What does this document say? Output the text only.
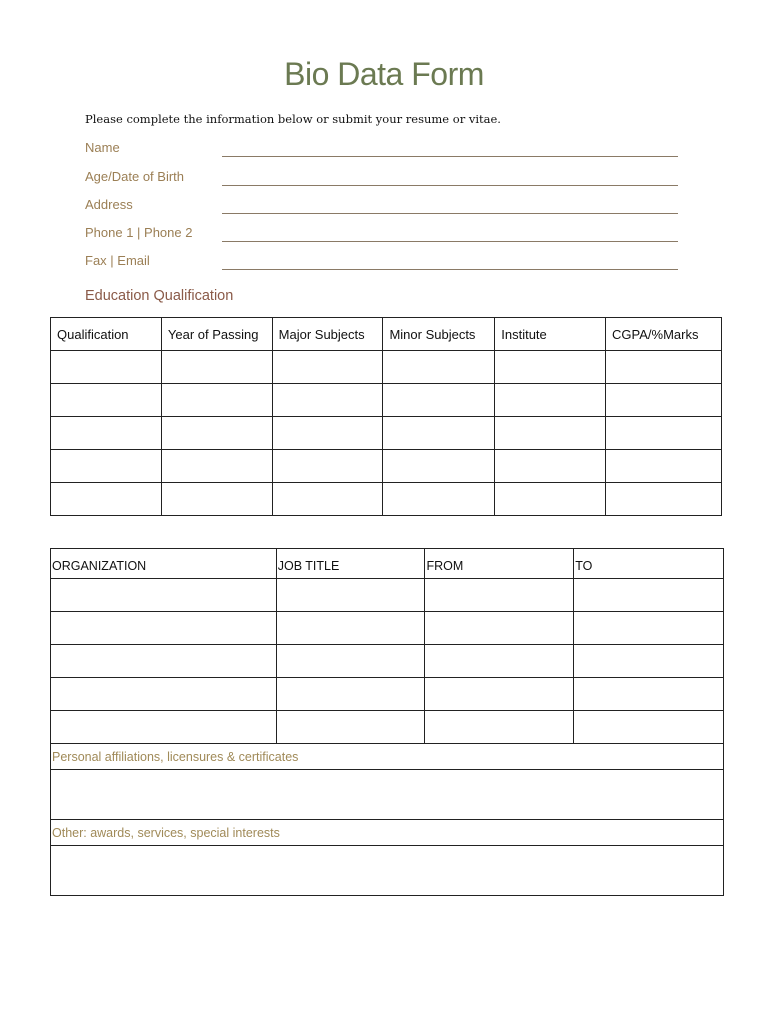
Bio Data Form
Please complete the information below or submit your resume or vitae.
Name
Age/Date of Birth
Address
Phone 1 | Phone 2
Fax | Email
Education Qualification
Qualification	Year of Passing	Major Subjects	Minor Subjects	Institute	CGPA/%Marks

ORGANIZATION	JOB TITLE	FROM	TO

Personal affiliations, licensures & certificates			

Other: awards, services, special interests			
